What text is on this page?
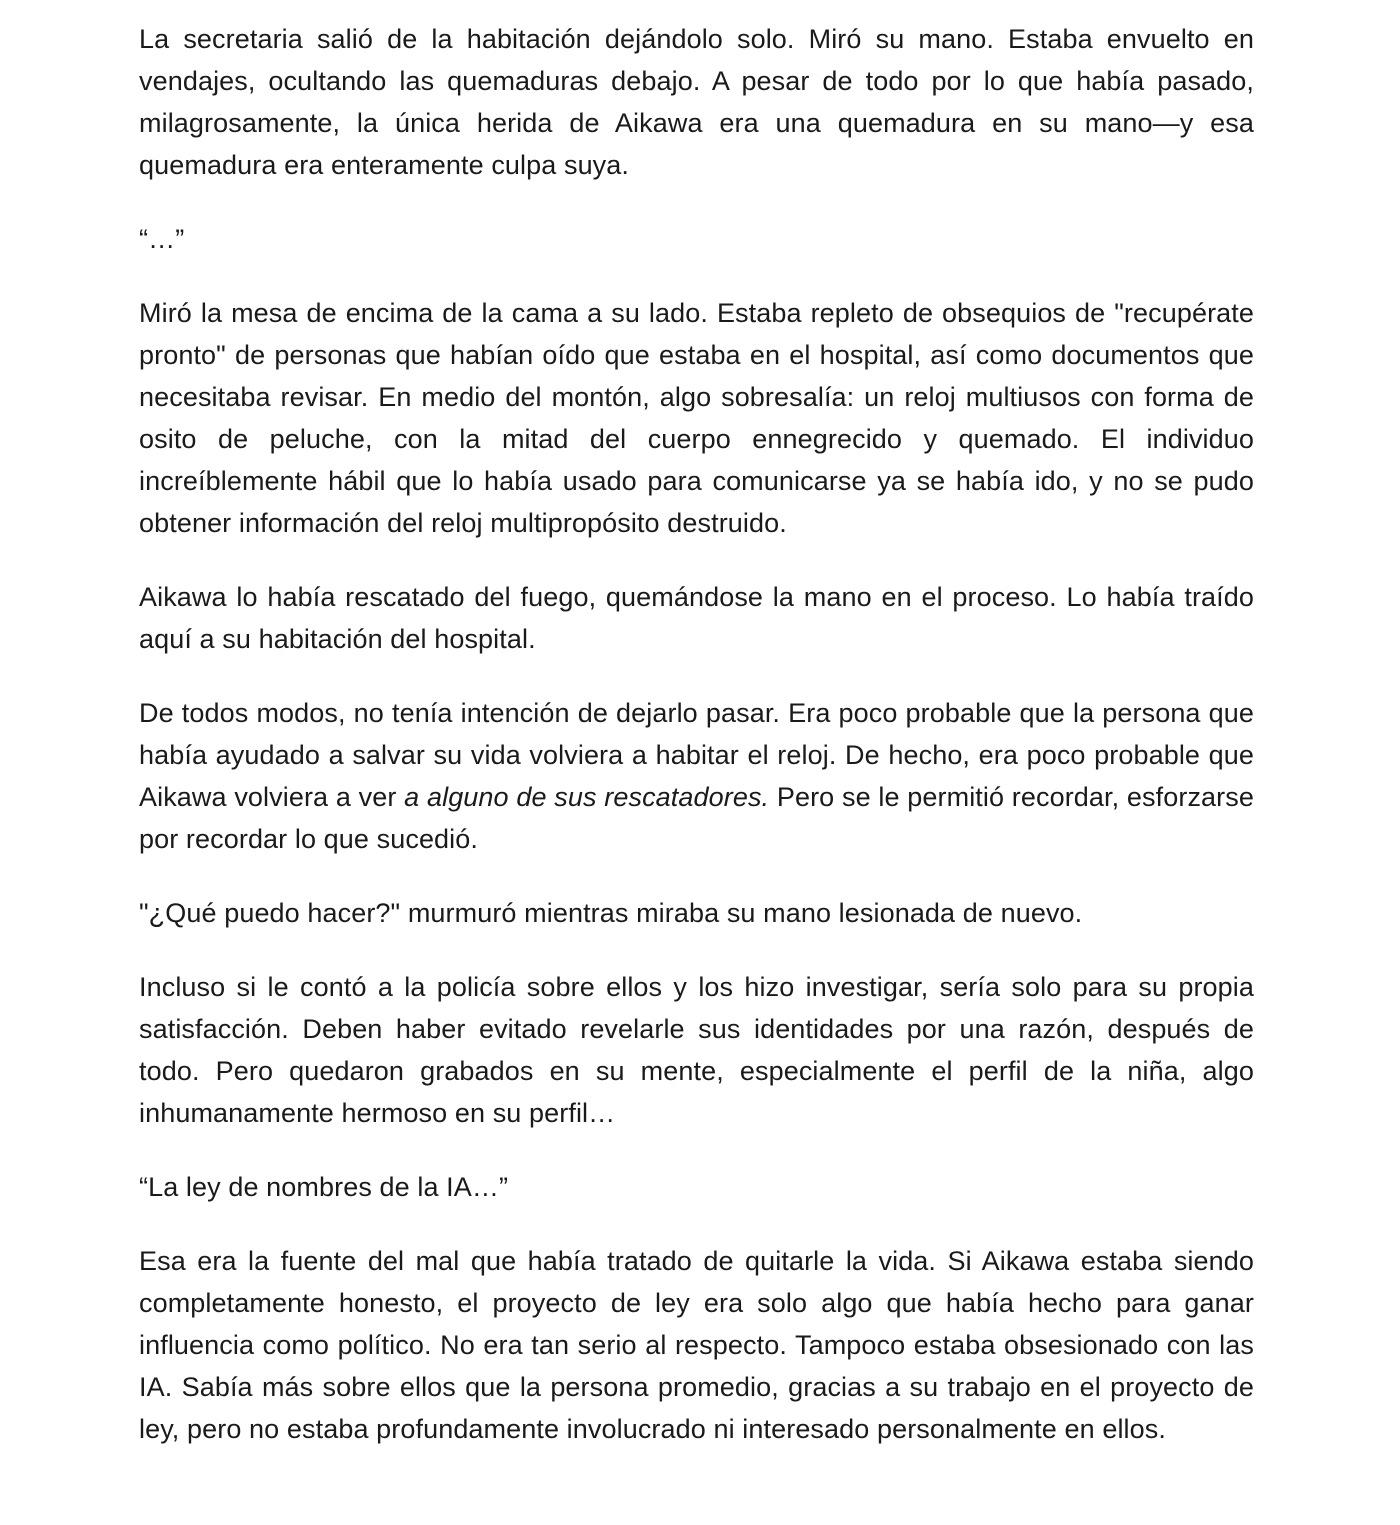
La secretaria salió de la habitación dejándolo solo. Miró su mano. Estaba envuelto en vendajes, ocultando las quemaduras debajo. A pesar de todo por lo que había pasado, milagrosamente, la única herida de Aikawa era una quemadura en su mano—y esa quemadura era enteramente culpa suya.

“…”

Miró la mesa de encima de la cama a su lado. Estaba repleto de obsequios de "recupérate pronto" de personas que habían oído que estaba en el hospital, así como documentos que necesitaba revisar. En medio del montón, algo sobresalía: un reloj multiusos con forma de osito de peluche, con la mitad del cuerpo ennegrecido y quemado. El individuo increíblemente hábil que lo había usado para comunicarse ya se había ido, y no se pudo obtener información del reloj multipropósito destruido.

Aikawa lo había rescatado del fuego, quemándose la mano en el proceso. Lo había traído aquí a su habitación del hospital.

De todos modos, no tenía intención de dejarlo pasar. Era poco probable que la persona que había ayudado a salvar su vida volviera a habitar el reloj. De hecho, era poco probable que Aikawa volviera a ver a alguno de sus rescatadores. Pero se le permitió recordar, esforzarse por recordar lo que sucedió.

"¿Qué puedo hacer?" murmuró mientras miraba su mano lesionada de nuevo.

Incluso si le contó a la policía sobre ellos y los hizo investigar, sería solo para su propia satisfacción. Deben haber evitado revelarle sus identidades por una razón, después de todo. Pero quedaron grabados en su mente, especialmente el perfil de la niña, algo inhumanamente hermoso en su perfil…

“La ley de nombres de la IA…”

Esa era la fuente del mal que había tratado de quitarle la vida. Si Aikawa estaba siendo completamente honesto, el proyecto de ley era solo algo que había hecho para ganar influencia como político. No era tan serio al respecto. Tampoco estaba obsesionado con las IA. Sabía más sobre ellos que la persona promedio, gracias a su trabajo en el proyecto de ley, pero no estaba profundamente involucrado ni interesado personalmente en ellos.
